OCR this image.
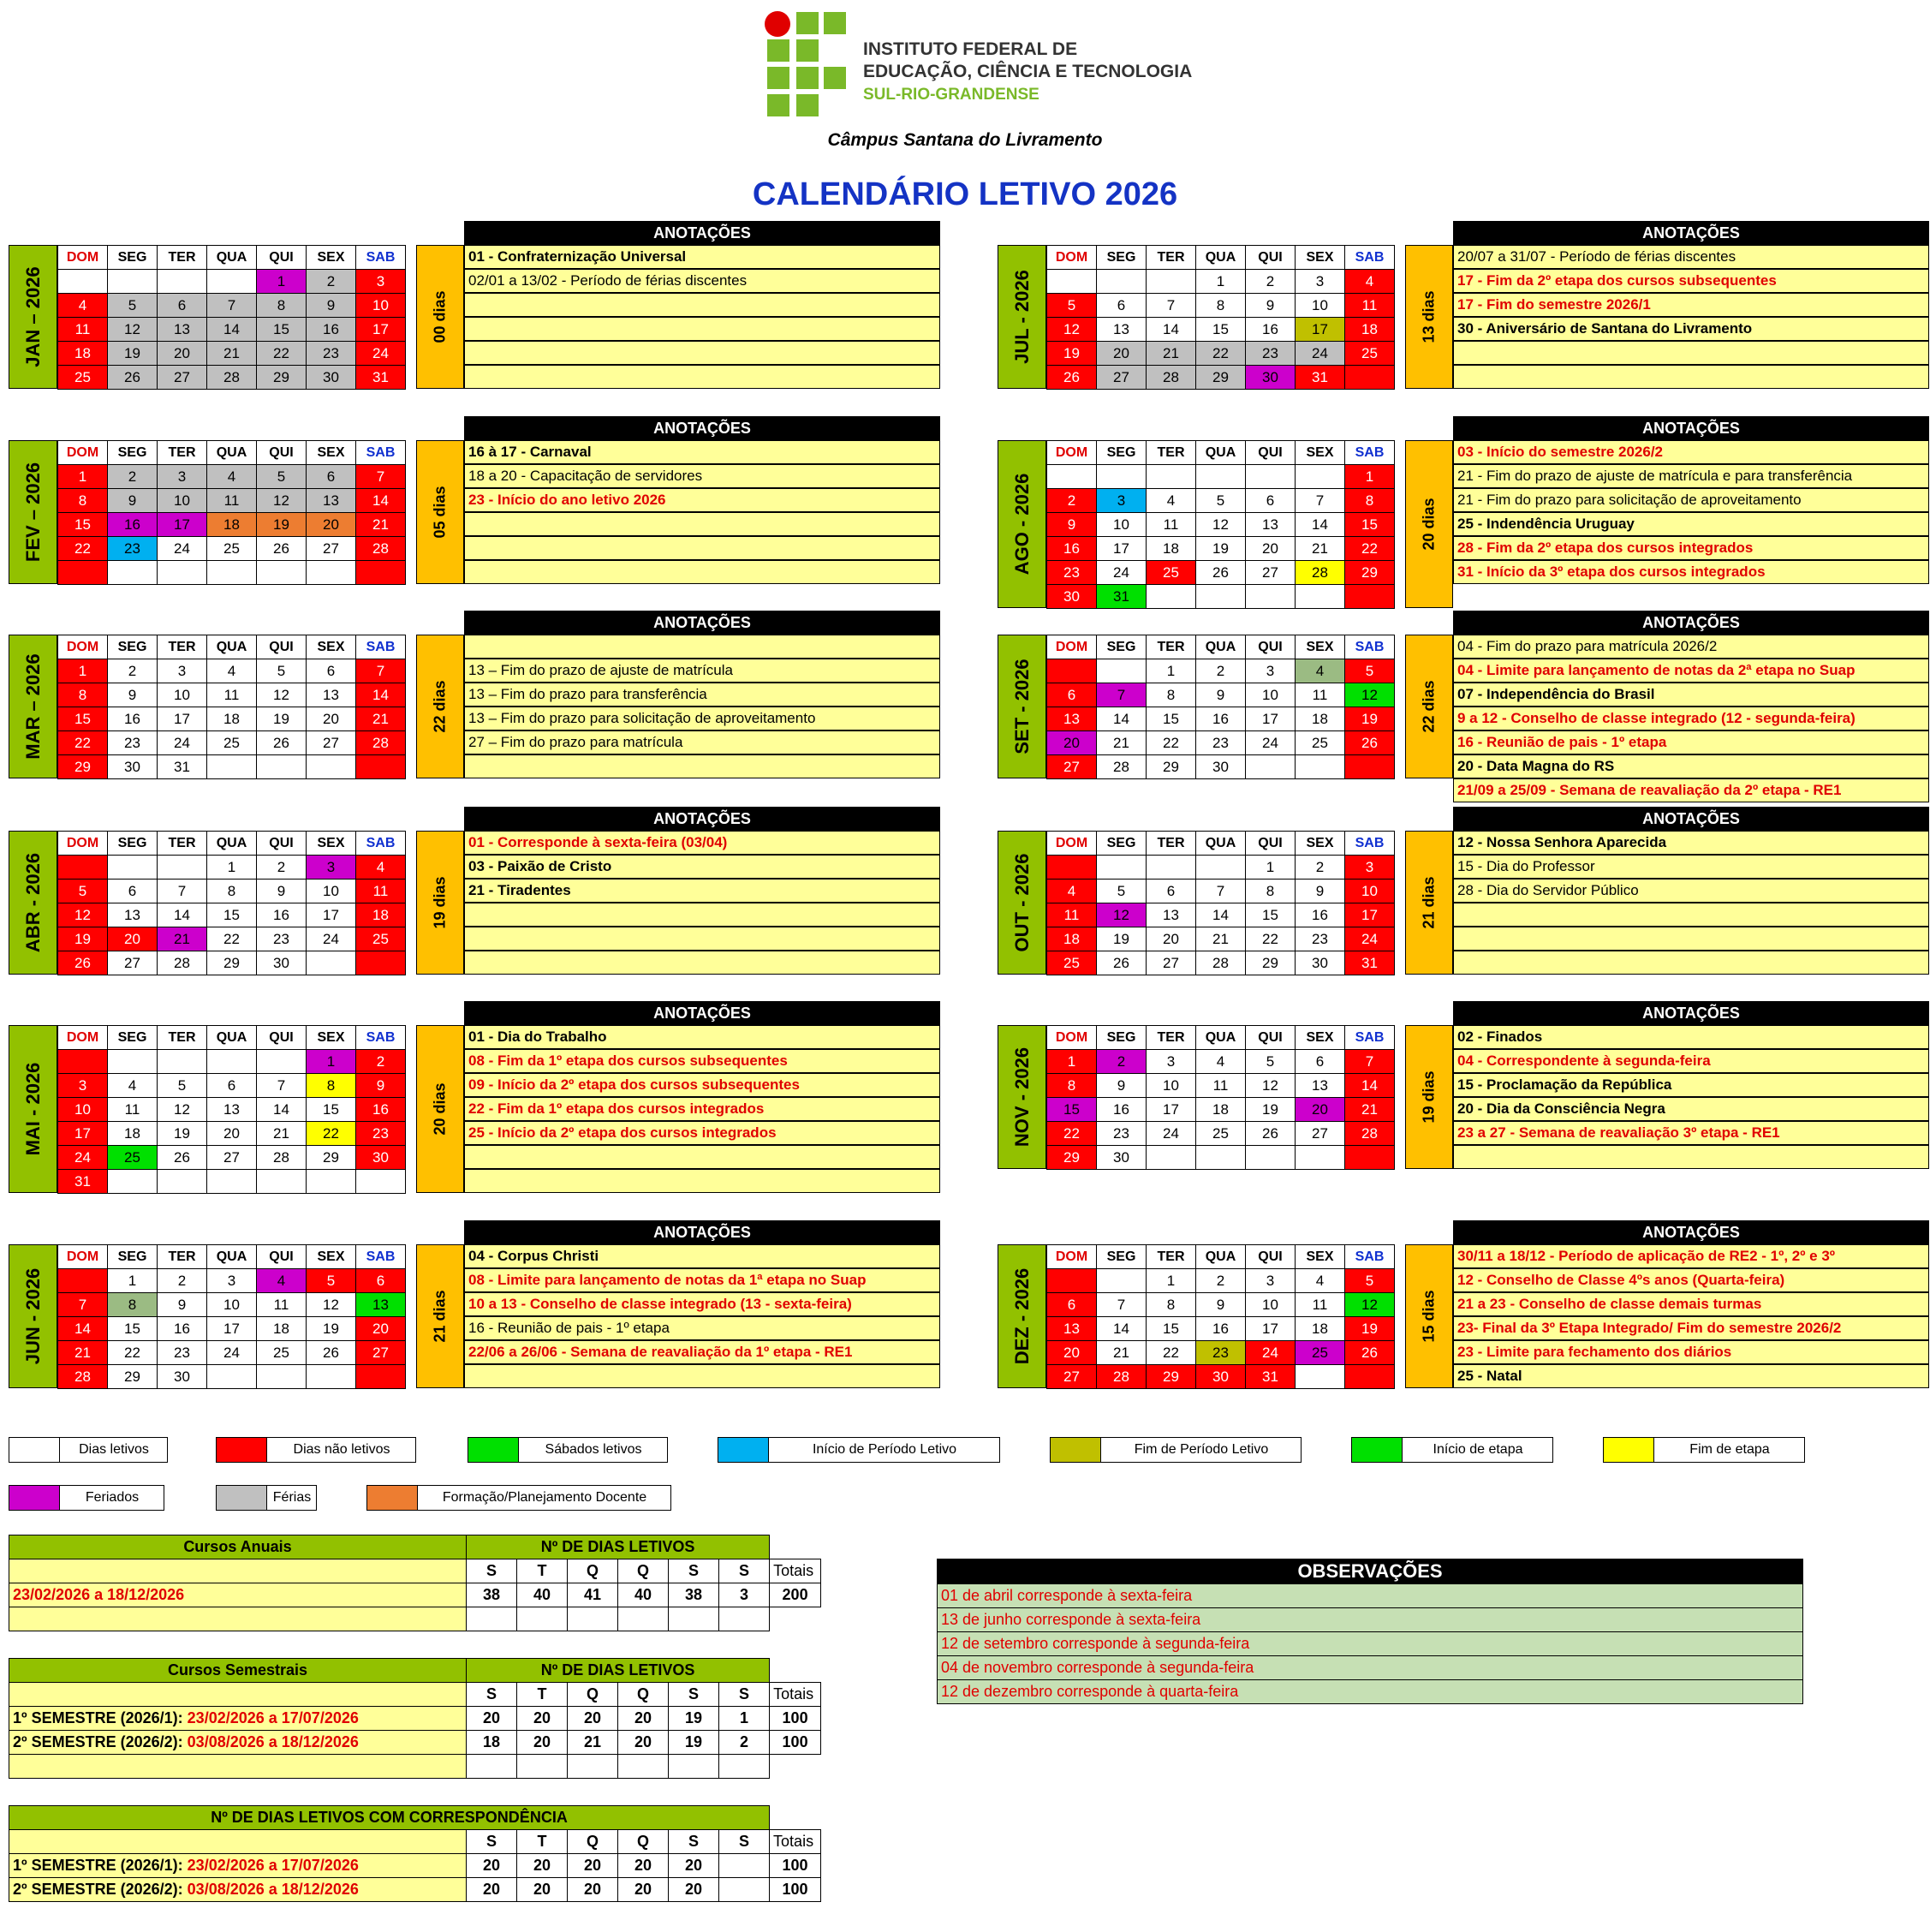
INSTITUTO FEDERAL DE
EDUCAÇÃO, CIÊNCIA E TECNOLOGIA
SUL-RIO-GRANDENSE
Câmpus Santana do Livramento
CALENDÁRIO LETIVO 2026
JAN – 2026
DOM	SEG	TER	QUA	QUI	SEX	SAB
				1	2	3
4	5	6	7	8	9	10
11	12	13	14	15	16	17
18	19	20	21	22	23	24
25	26	27	28	29	30	31
00 dias
ANOTAÇÕES
01 - Confraternização Universal
02/01 a 13/02 - Período de férias discentes
FEV – 2026
DOM	SEG	TER	QUA	QUI	SEX	SAB
1	2	3	4	5	6	7
8	9	10	11	12	13	14
15	16	17	18	19	20	21
22	23	24	25	26	27	28

05 dias
ANOTAÇÕES
16 à 17 - Carnaval
18 a 20 - Capacitação de servidores
23 - Início do ano letivo 2026
MAR – 2026
DOM	SEG	TER	QUA	QUI	SEX	SAB
1	2	3	4	5	6	7
8	9	10	11	12	13	14
15	16	17	18	19	20	21
22	23	24	25	26	27	28
29	30	31				
22 dias
ANOTAÇÕES
13 – Fim do prazo de ajuste de matrícula
13 – Fim do prazo para transferência
13 – Fim do prazo para solicitação de aproveitamento
27 – Fim do prazo para matrícula
ABR - 2026
DOM	SEG	TER	QUA	QUI	SEX	SAB
			1	2	3	4
5	6	7	8	9	10	11
12	13	14	15	16	17	18
19	20	21	22	23	24	25
26	27	28	29	30		
19 dias
ANOTAÇÕES
01 - Corresponde à sexta-feira (03/04)
03 - Paixão de Cristo
21 - Tiradentes
MAI - 2026
DOM	SEG	TER	QUA	QUI	SEX	SAB
					1	2
3	4	5	6	7	8	9
10	11	12	13	14	15	16
17	18	19	20	21	22	23
24	25	26	27	28	29	30
31						
20 dias
ANOTAÇÕES
01 - Dia do Trabalho
08 - Fim da 1º etapa dos cursos subsequentes
09 - Início da 2º etapa dos cursos subsequentes
22 - Fim da 1º etapa dos cursos integrados
25 - Início da 2º etapa dos cursos integrados
JUN - 2026
DOM	SEG	TER	QUA	QUI	SEX	SAB
	1	2	3	4	5	6
7	8	9	10	11	12	13
14	15	16	17	18	19	20
21	22	23	24	25	26	27
28	29	30				
21 dias
ANOTAÇÕES
04 - Corpus Christi
08 - Limite para lançamento de notas da 1ª etapa no Suap
10 a 13 - Conselho de classe integrado (13 - sexta-feira)
16 - Reunião de pais - 1º etapa
22/06 a 26/06 - Semana de reavaliação da 1º etapa - RE1
JUL - 2026
DOM	SEG	TER	QUA	QUI	SEX	SAB
			1	2	3	4
5	6	7	8	9	10	11
12	13	14	15	16	17	18
19	20	21	22	23	24	25
26	27	28	29	30	31	
13 dias
ANOTAÇÕES
20/07 a 31/07 - Período de férias discentes
17 - Fim da 2º etapa dos cursos subsequentes
17 - Fim do semestre 2026/1
30 - Aniversário de Santana do Livramento
AGO - 2026
DOM	SEG	TER	QUA	QUI	SEX	SAB
						1
2	3	4	5	6	7	8
9	10	11	12	13	14	15
16	17	18	19	20	21	22
23	24	25	26	27	28	29
30	31					
20 dias
ANOTAÇÕES
03 - Início do semestre 2026/2
21 - Fim do prazo de ajuste de matrícula e para transferência
21 - Fim do prazo para solicitação de aproveitamento
25 - Indendência Uruguay
28 - Fim da 2º etapa dos cursos integrados
31 - Início da 3º etapa dos cursos integrados
SET - 2026
DOM	SEG	TER	QUA	QUI	SEX	SAB
		1	2	3	4	5
6	7	8	9	10	11	12
13	14	15	16	17	18	19
20	21	22	23	24	25	26
27	28	29	30			
22 dias
ANOTAÇÕES
04 - Fim do prazo para matrícula 2026/2
04 - Limite para lançamento de notas da 2ª etapa no Suap
07 - Independência do Brasil
9 a 12 - Conselho de classe integrado (12 - segunda-feira)
16 - Reunião de pais - 1º etapa
20 - Data Magna do RS
21/09 a 25/09 - Semana de reavaliação da 2º etapa - RE1
OUT - 2026
DOM	SEG	TER	QUA	QUI	SEX	SAB
				1	2	3
4	5	6	7	8	9	10
11	12	13	14	15	16	17
18	19	20	21	22	23	24
25	26	27	28	29	30	31
21 dias
ANOTAÇÕES
12 - Nossa Senhora Aparecida
15 - Dia do Professor
28 - Dia do Servidor Público
NOV - 2026
DOM	SEG	TER	QUA	QUI	SEX	SAB
1	2	3	4	5	6	7
8	9	10	11	12	13	14
15	16	17	18	19	20	21
22	23	24	25	26	27	28
29	30					
19 dias
ANOTAÇÕES
02 - Finados
04 - Correspondente à segunda-feira
15 - Proclamação da República
20 - Dia da Consciência Negra
23 a 27 - Semana de reavaliação 3º etapa - RE1
DEZ - 2026
DOM	SEG	TER	QUA	QUI	SEX	SAB
		1	2	3	4	5
6	7	8	9	10	11	12
13	14	15	16	17	18	19
20	21	22	23	24	25	26
27	28	29	30	31		
15 dias
ANOTAÇÕES
30/11 a 18/12 - Período de aplicação de RE2 - 1º, 2º e 3º
12 - Conselho de Classe 4ºs anos (Quarta-feira)
21 a 23 - Conselho de classe demais turmas
23- Final da 3º Etapa Integrado/ Fim do semestre 2026/2
23 - Limite para fechamento dos diários
25 - Natal
Dias letivos	Dias não letivos	Sábados letivos	Início de Período Letivo	Fim de Período Letivo	Início de etapa	Fim de etapa
Feriados	Férias	Formação/Planejamento Docente
Cursos Anuais	Nº DE DIAS LETIVOS						
	S	T	Q	Q	S	S	Totais
23/02/2026 a 18/12/2026	38	40	41	40	38	3	200

Cursos Semestrais	Nº DE DIAS LETIVOS						
	S	T	Q	Q	S	S	Totais
1º SEMESTRE (2026/1): 23/02/2026 a 17/07/2026	20	20	20	20	19	1	100
2º SEMESTRE (2026/2): 03/08/2026 a 18/12/2026	18	20	21	20	19	2	100

Nº DE DIAS LETIVOS COM CORRESPONDÊNCIA							
	S	T	Q	Q	S	S	Totais
1º SEMESTRE (2026/1): 23/02/2026 a 17/07/2026	20	20	20	20	20		100
2º SEMESTRE (2026/2): 03/08/2026 a 18/12/2026	20	20	20	20	20		100
OBSERVAÇÕES
01 de abril corresponde à sexta-feira
13 de junho corresponde à sexta-feira
12 de setembro corresponde à segunda-feira
04 de novembro corresponde à segunda-feira
12 de dezembro corresponde à quarta-feira
